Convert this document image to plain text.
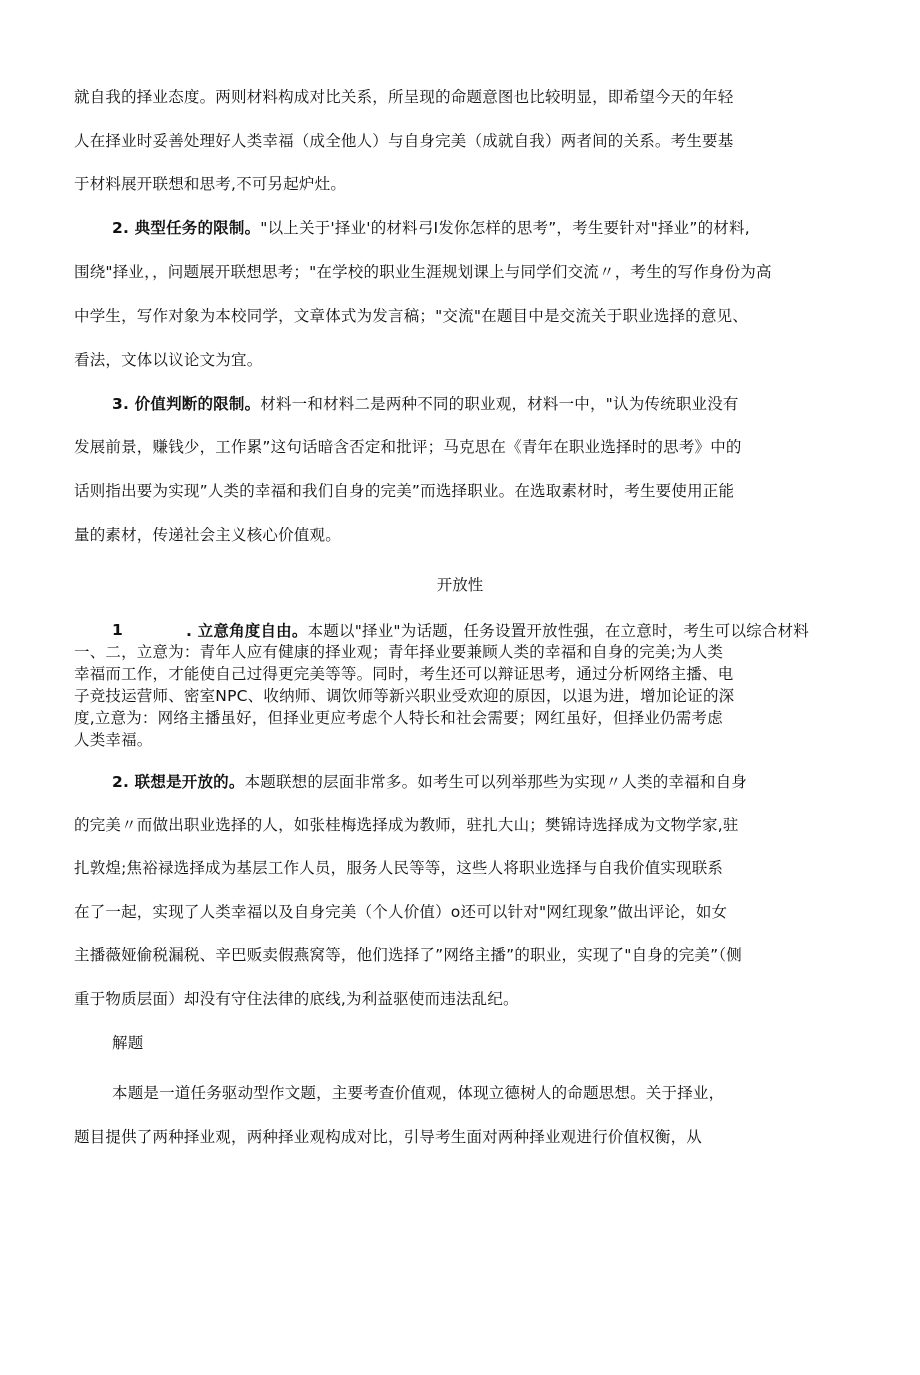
就自我的择业态度。两则材料构成对比关系，所呈现的命题意图也比较明显，即希望今天的年轻
人在择业时妥善处理好人类幸福（成全他人）与自身完美（成就自我）两者间的关系。考生要基
于材料展开联想和思考,不可另起炉灶。
2. 典型任务的限制。"以上关于'择业'的材料弓I发你怎样的思考”，考生要针对"择业”的材料,
围绕"择业，，问题展开联想思考；"在学校的职业生涯规划课上与同学们交流〃，考生的写作身份为高
中学生，写作对象为本校同学，文章体式为发言稿；"交流"在题目中是交流关于职业选择的意见、
看法，文体以议论文为宜。
3. 价值判断的限制。材料一和材料二是两种不同的职业观，材料一中，"认为传统职业没有
发展前景，赚钱少，工作累”这句话暗含否定和批评；马克思在《青年在职业选择时的思考》中的
话则指出要为实现”人类的幸福和我们自身的完美”而选择职业。在选取素材时，考生要使用正能
量的素材，传递社会主义核心价值观。
开放性
1	. 立意角度自由。本题以"择业"为话题，任务设置开放性强，在立意时，考生可以综合材料
一、二，立意为：青年人应有健康的择业观；青年择业要兼顾人类的幸福和自身的完美;为人类
幸福而工作，才能使自己过得更完美等等。同时，考生还可以辩证思考，通过分析网络主播、电
子竞技运营师、密室NPC、收纳师、调饮师等新兴职业受欢迎的原因，以退为进，增加论证的深
度,立意为：网络主播虽好，但择业更应考虑个人特长和社会需要；网红虽好，但择业仍需考虑
人类幸福。
2. 联想是开放的。本题联想的层面非常多。如考生可以列举那些为实现〃人类的幸福和自身
的完美〃而做出职业选择的人，如张桂梅选择成为教师，驻扎大山；樊锦诗选择成为文物学家,驻
扎敦煌;焦裕禄选择成为基层工作人员，服务人民等等，这些人将职业选择与自我价值实现联系
在了一起，实现了人类幸福以及自身完美（个人价值）o还可以针对"网红现象”做出评论，如女
主播薇娅偷税漏税、辛巴贩卖假燕窝等，他们选择了”网络主播”的职业，实现了"自身的完美”（侧
重于物质层面）却没有守住法律的底线,为利益驱使而违法乱纪。
解题
本题是一道任务驱动型作文题，主要考查价值观，体现立德树人的命题思想。关于择业，
题目提供了两种择业观，两种择业观构成对比，引导考生面对两种择业观进行价值权衡，从
